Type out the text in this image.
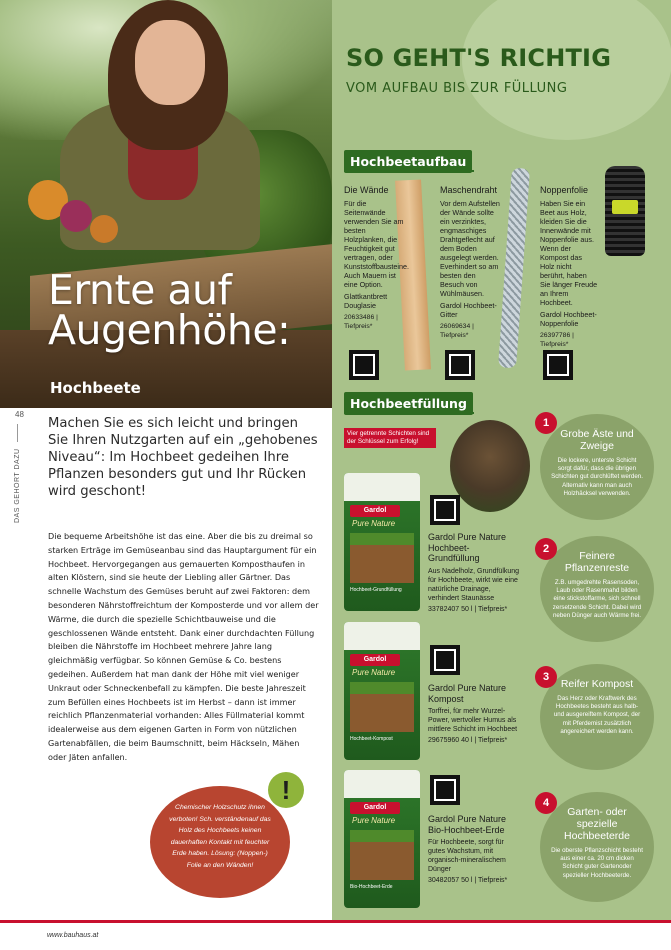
Ernte auf Augenhöhe:
Hochbeete
48
DAS GEHÖRT DAZU

Machen Sie es sich leicht und bringen Sie Ihren Nutzgarten auf ein „gehobenes Niveau“: Im Hochbeet gedeihen Ihre Pflanzen besonders gut und Ihr Rücken wird geschont!

Die bequeme Arbeitshöhe ist das eine. Aber die bis zu dreimal so starken Erträge im Gemüseanbau sind das Hauptargument für ein Hochbeet. Hervorgegangen aus gemauerten Komposthaufen in alten Klöstern, sind sie heute der Liebling aller Gärtner. Das schnelle Wachstum des Gemüses beruht auf zwei Faktoren: dem besonderen Nährstoffreichtum der Komposterde und vor allem der Wärme, die durch die spezielle Schichtbauweise und die geschlossenen Wände entsteht. Dank einer durchdachten Füllung bleiben die Nährstoffe im Hochbeet mehrere Jahre lang gleichmäßig verfügbar. So können Gemüse & Co. bestens gedeihen. Außerdem hat man dank der Höhe mit viel weniger Unkraut oder Schneckenbefall zu kämpfen. Die beste Jahreszeit zum Befüllen eines Hochbeets ist im Herbst – dann ist immer reichlich Pflanzenmaterial vorhanden: Alles Füllmaterial kommt idealerweise aus dem eigenen Garten in Form von nützlichen Gartenabfällen, die beim Baumschnitt, beim Häckseln, Mähen oder Jäten anfallen.

Chemischer Holzschutz ihnen verboten! Sch. verständenauf das Holz des Hochbeets keinen dauerhaften Kontakt mit feuchter Erde haben. Lösung: (Noppen-) Folie an den Wänden!
!
SO GEHT'S RICHTIG
VOM AUFBAU BIS ZUR FÜLLUNG
Hochbeetaufbau
Die Wände

Für die Seitenwände verwenden Sie am besten Holzplanken, die Feuchtigkeit gut vertragen, oder Kunststoffbausteine. Auch Mauern ist eine Option.

Glattkantbrett Douglasie

20633486 | Tiefpreis*

Maschendraht

Vor dem Aufstellen der Wände sollte ein verzinktes, engmaschiges Drahtgeflecht auf dem Boden ausgelegt werden. Everhindert so am besten den Besuch von Wühlmäusen.

Gardol Hochbeet-Gitter

26069634 | Tiefpreis*

Noppenfolie

Haben Sie ein Beet aus Holz, kleiden Sie die Innenwände mit Noppenfolie aus. Wenn der Kompost das Holz nicht berührt, haben Sie länger Freude an Ihrem Hochbeet.

Gardol Hochbeet-Noppenfolie

26397786 | Tiefpreis*

Hochbeetfüllung
Vier getrennte Schichten sind der Schlüssel zum Erfolg!
Gardol
Pure Nature
Hochbeet-Grundfüllung
Gardol
Pure Nature
Hochbeet-Kompost
Gardol
Pure Nature
Bio-Hochbeet-Erde
Gardol Pure Nature Hochbeet-Grundfüllung

Aus Nadelholz, Grundfülkung für Hochbeete, wirkt wie eine natürliche Drainage, verhindert Staunässe

33782407 50 l | Tiefpreis*

Gardol Pure Nature Kompost

Torffrei, für mehr Wurzel-Power, wertvoller Humus als mittlere Schicht im Hochbeet

29675960 40 l | Tiefpreis*

Gardol Pure Nature Bio-Hochbeet-Erde

Für Hochbeete, sorgt für gutes Wachstum, mit organisch-mineralischem Dünger

30482057 50 l | Tiefpreis*

Grobe Äste und Zweige
Die lockere, unterste Schicht sorgt dafür, dass die übrigen Schichten gut durchlüftet werden. Alternativ kann man auch Holzhäcksel verwenden.
1
Feinere Pflanzenreste
Z.B. umgedrehte Rasensoden, Laub oder Rasenmahd bilden eine stickstoffarme, sich schnell zersetzende Schicht. Dabei wird neben Dünger auch Wärme frei.
2
Reifer Kompost
Das Herz oder Kraftwerk des Hochbeetes besteht aus halb- und ausgereiftem Kompost, der mit Pferdemist zusätzlich angereichert werden kann.
3
Garten- oder spezielle Hochbeeterde
Die oberste Pflanzschicht besteht aus einer ca. 20 cm dicken Schicht guter Gartenoder spezieller Hochbeeterde.
4
www.bauhaus.at
